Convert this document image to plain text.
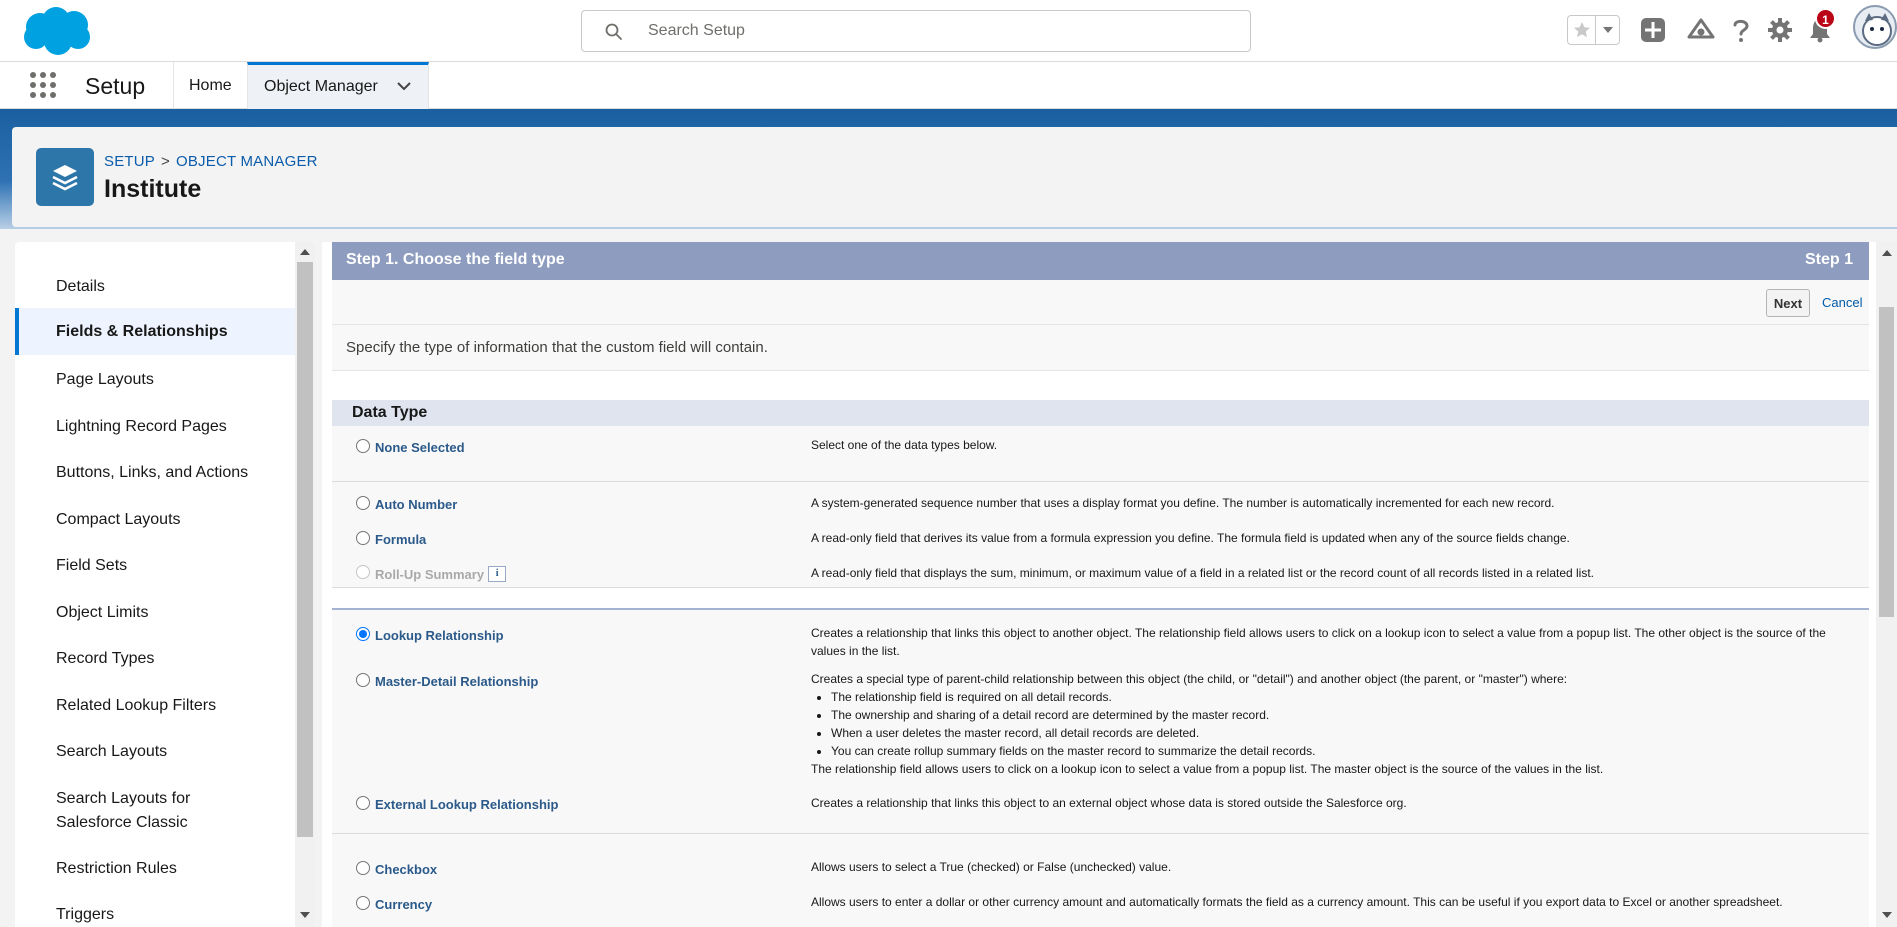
Search Setup
1
Setup	Home Object Manager
SETUP > OBJECT MANAGER
Institute
Details
Fields & Relationships
Page Layouts
Lightning Record Pages
Buttons, Links, and Actions
Compact Layouts
Field Sets
Object Limits
Record Types
Related Lookup Filters
Search Layouts
Search Layouts for
Salesforce Classic
Restriction Rules
Triggers
Step 1. Choose the field type	Step 1
Next	Cancel
Specify the type of information that the custom field will contain.
Data Type
None Selected	Select one of the data types below.
Auto Number	A system-generated sequence number that uses a display format you define. The number is automatically incremented for each new record.
Formula	A read-only field that derives its value from a formula expression you define. The formula field is updated when any of the source fields change.
Roll-Up Summary	i	A read-only field that displays the sum, minimum, or maximum value of a field in a related list or the record count of all records listed in a related list.
Lookup Relationship	Creates a relationship that links this object to another object. The relationship field allows users to click on a lookup icon to select a value from a popup list. The other object is the source of the values in the list.
Master-Detail Relationship	Creates a special type of parent-child relationship between this object (the child, or "detail") and another object (the parent, or "master") where:
• The relationship field is required on all detail records.
• The ownership and sharing of a detail record are determined by the master record.
• When a user deletes the master record, all detail records are deleted.
• You can create rollup summary fields on the master record to summarize the detail records.
The relationship field allows users to click on a lookup icon to select a value from a popup list. The master object is the source of the values in the list.
External Lookup Relationship	Creates a relationship that links this object to an external object whose data is stored outside the Salesforce org.
Checkbox	Allows users to select a True (checked) or False (unchecked) value.
Currency	Allows users to enter a dollar or other currency amount and automatically formats the field as a currency amount. This can be useful if you export data to Excel or another spreadsheet.
